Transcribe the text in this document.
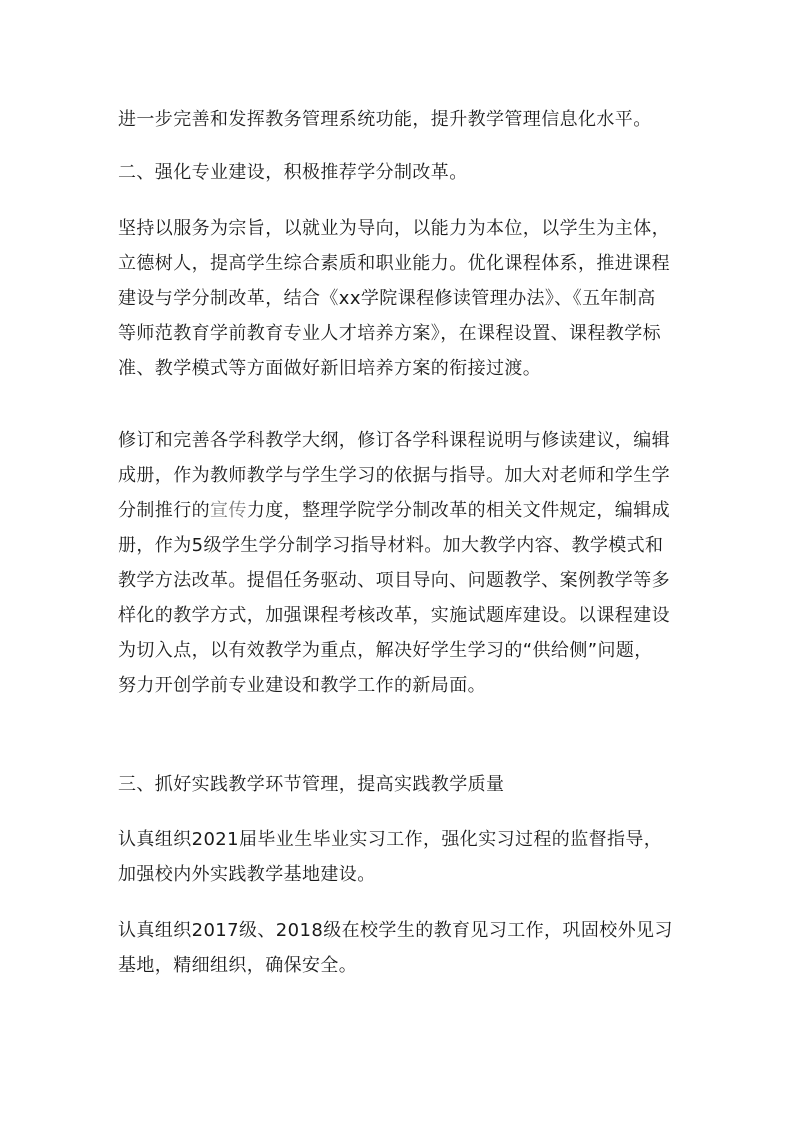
进一步完善和发挥教务管理系统功能，提升教学管理信息化水平。

二、强化专业建设，积极推荐学分制改革。

坚持以服务为宗旨，以就业为导向，以能力为本位，以学生为主体，
立德树人，提高学生综合素质和职业能力。优化课程体系，推进课程
建设与学分制改革，结合《xx学院课程修读管理办法》、《五年制高
等师范教育学前教育专业人才培养方案》，在课程设置、课程教学标
准、教学模式等方面做好新旧培养方案的衔接过渡。
修订和完善各学科教学大纲，修订各学科课程说明与修读建议，编辑
成册，作为教师教学与学生学习的依据与指导。加大对老师和学生学
分制推行的宣传力度，整理学院学分制改革的相关文件规定，编辑成
册，作为5级学生学分制学习指导材料。加大教学内容、教学模式和
教学方法改革。提倡任务驱动、项目导向、问题教学、案例教学等多
样化的教学方式，加强课程考核改革，实施试题库建设。以课程建设
为切入点，以有效教学为重点，解决好学生学习的“供给侧”问题，
努力开创学前专业建设和教学工作的新局面。

三、抓好实践教学环节管理，提高实践教学质量

认真组织2021届毕业生毕业实习工作，强化实习过程的监督指导，
加强校内外实践教学基地建设。
认真组织2017级、2018级在校学生的教育见习工作，巩固校外见习
基地，精细组织，确保安全。
